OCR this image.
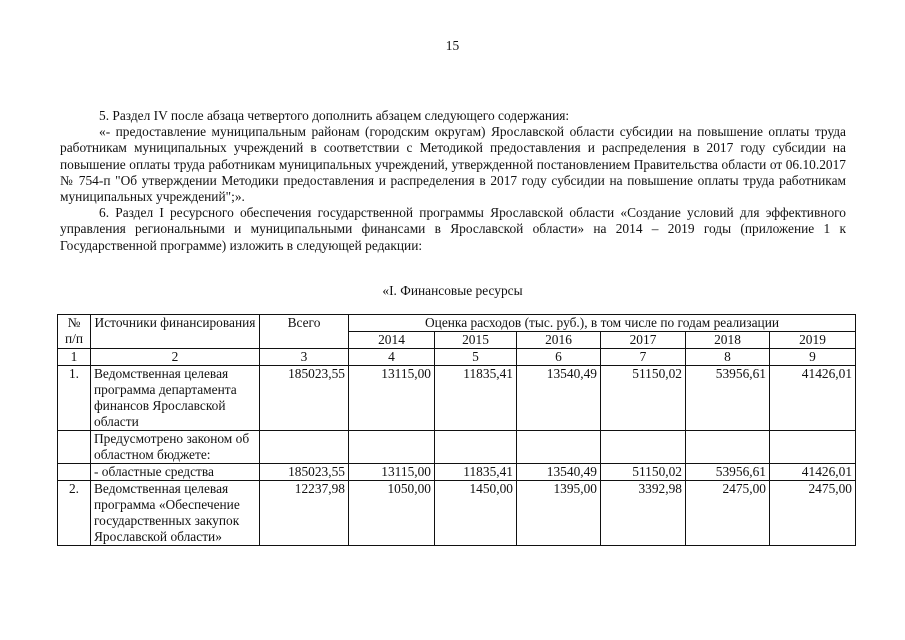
15

5. Раздел IV после абзаца четвертого дополнить абзацем следующего содержания:

«- предоставление муниципальным районам (городским округам) Ярославской области субсидии на повышение оплаты труда работникам муниципальных учреждений в соответствии с Методикой предоставления и распределения в 2017 году субсидии на повышение оплаты труда работникам муниципальных учреждений, утвержденной постановлением Правительства области от 06.10.2017 № 754-п "Об утверждении Методики предоставления и распределения в 2017 году субсидии на повышение оплаты труда работникам муниципальных учреждений";».

6. Раздел I ресурсного обеспечения государственной программы Ярославской области «Создание условий для эффективного управления региональными и муниципальными финансами в Ярославской области» на 2014 – 2019 годы (приложение 1 к Государственной программе) изложить в следующей редакции:

«I. Финансовые ресурсы
№ п/п	Источники финансирования	Всего	Оценка расходов (тыс. руб.), в том числе по годам реализации					
			2014	2015	2016	2017	2018	2019
1	2	3	4	5	6	7	8	9
1.	Ведомственная целевая программа департамента финансов Ярославской области	185023,55	13115,00	11835,41	13540,49	51150,02	53956,61	41426,01
	Предусмотрено законом об областном бюджете:							
	- областные средства	185023,55	13115,00	11835,41	13540,49	51150,02	53956,61	41426,01
2.	Ведомственная целевая программа «Обеспечение государственных закупок Ярославской области»	12237,98	1050,00	1450,00	1395,00	3392,98	2475,00	2475,00
